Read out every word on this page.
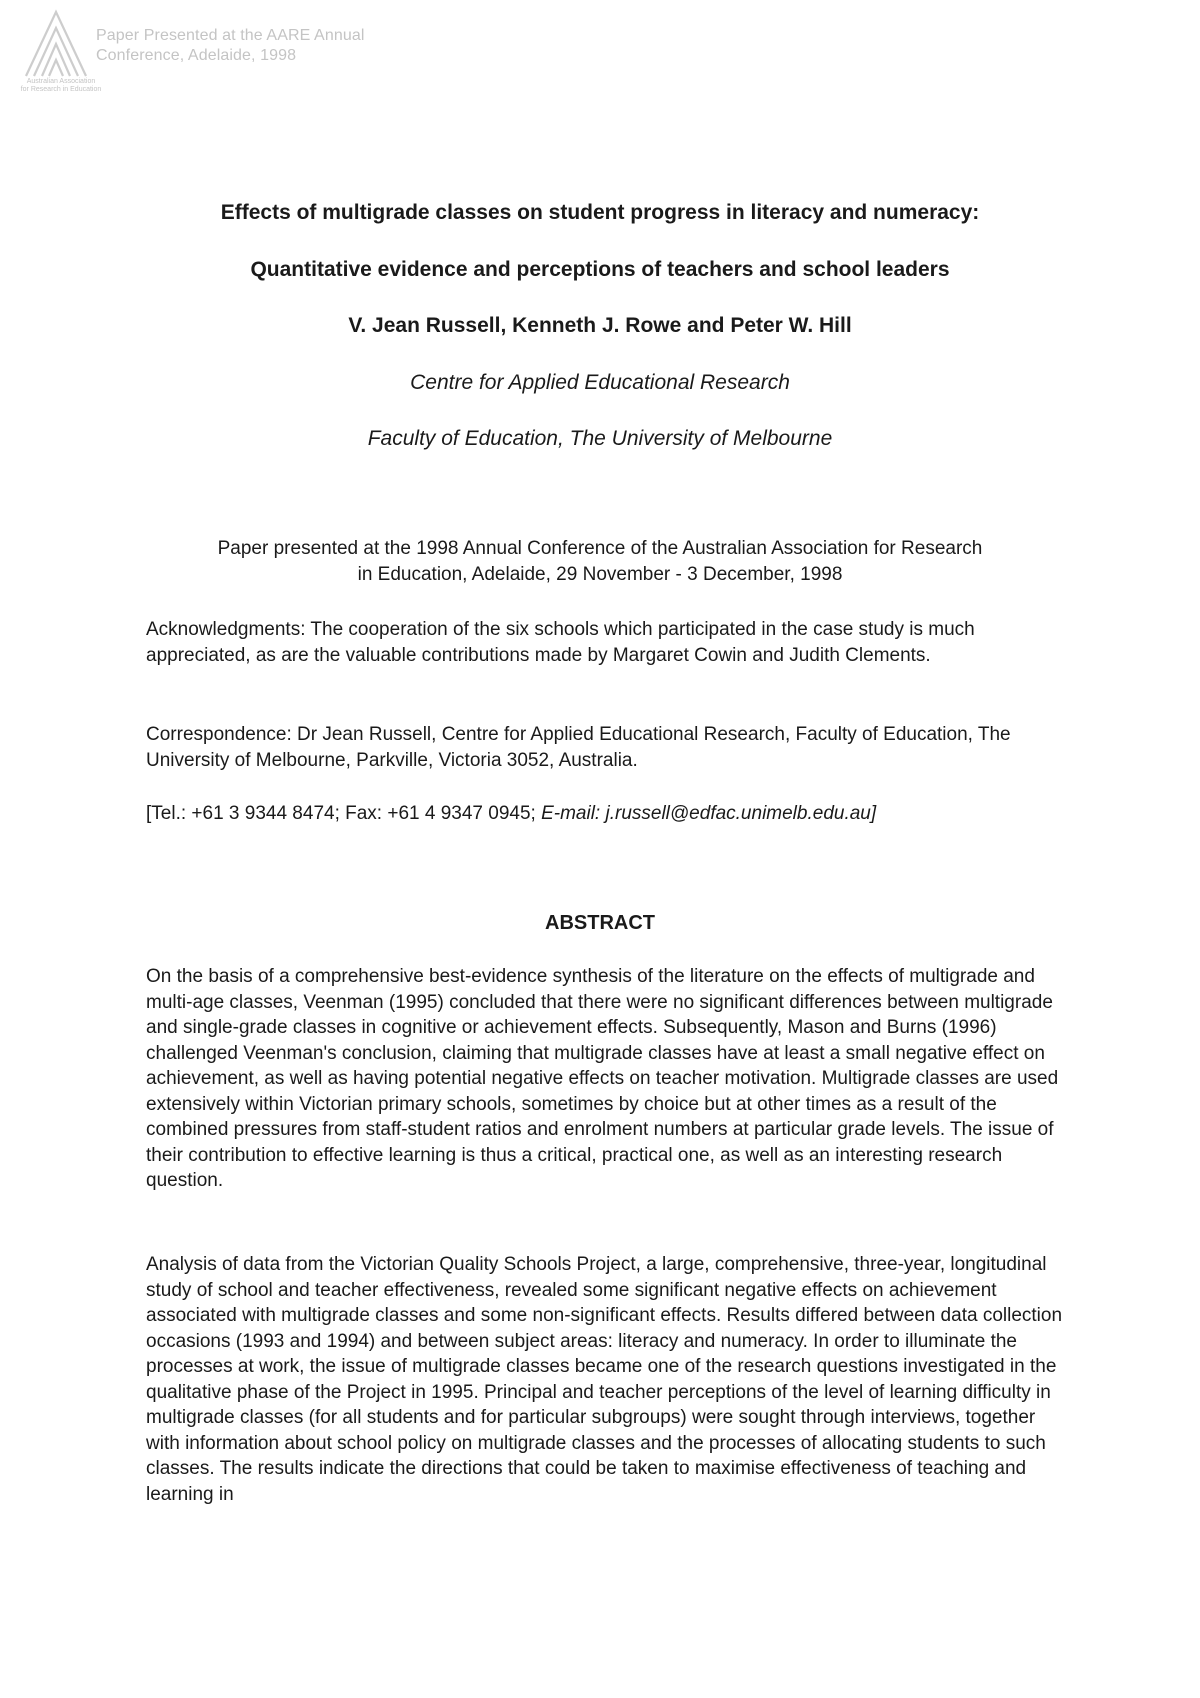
Australian Association
for Research in Education
Paper Presented at the AARE Annual
Conference, Adelaide, 1998
Effects of multigrade classes on student progress in literacy and numeracy:
Quantitative evidence and perceptions of teachers and school leaders
V. Jean Russell, Kenneth J. Rowe and Peter W. Hill
Centre for Applied Educational Research
Faculty of Education, The University of Melbourne
Paper presented at the 1998 Annual Conference of the Australian Association for Research
in Education, Adelaide, 29 November - 3 December, 1998
Acknowledgments: The cooperation of the six schools which participated in the case study is much appreciated, as are the valuable contributions made by Margaret Cowin and Judith Clements.
Correspondence: Dr Jean Russell, Centre for Applied Educational Research, Faculty of Education, The University of Melbourne, Parkville, Victoria 3052, Australia.
[Tel.: +61 3 9344 8474; Fax: +61 4 9347 0945; E-mail: j.russell@edfac.unimelb.edu.au]
ABSTRACT
On the basis of a comprehensive best-evidence synthesis of the literature on the effects of multigrade and multi-age classes, Veenman (1995) concluded that there were no significant differences between multigrade and single-grade classes in cognitive or achievement effects. Subsequently, Mason and Burns (1996) challenged Veenman's conclusion, claiming that multigrade classes have at least a small negative effect on achievement, as well as having potential negative effects on teacher motivation. Multigrade classes are used extensively within Victorian primary schools, sometimes by choice but at other times as a result of the combined pressures from staff-student ratios and enrolment numbers at particular grade levels. The issue of their contribution to effective learning is thus a critical, practical one, as well as an interesting research question.
Analysis of data from the Victorian Quality Schools Project, a large, comprehensive, three-year, longitudinal study of school and teacher effectiveness, revealed some significant negative effects on achievement associated with multigrade classes and some non-significant effects. Results differed between data collection occasions (1993 and 1994) and between subject areas: literacy and numeracy. In order to illuminate the processes at work, the issue of multigrade classes became one of the research questions investigated in the qualitative phase of the Project in 1995. Principal and teacher perceptions of the level of learning difficulty in multigrade classes (for all students and for particular subgroups) were sought through interviews, together with information about school policy on multigrade classes and the processes of allocating students to such classes. The results indicate the directions that could be taken to maximise effectiveness of teaching and learning in
